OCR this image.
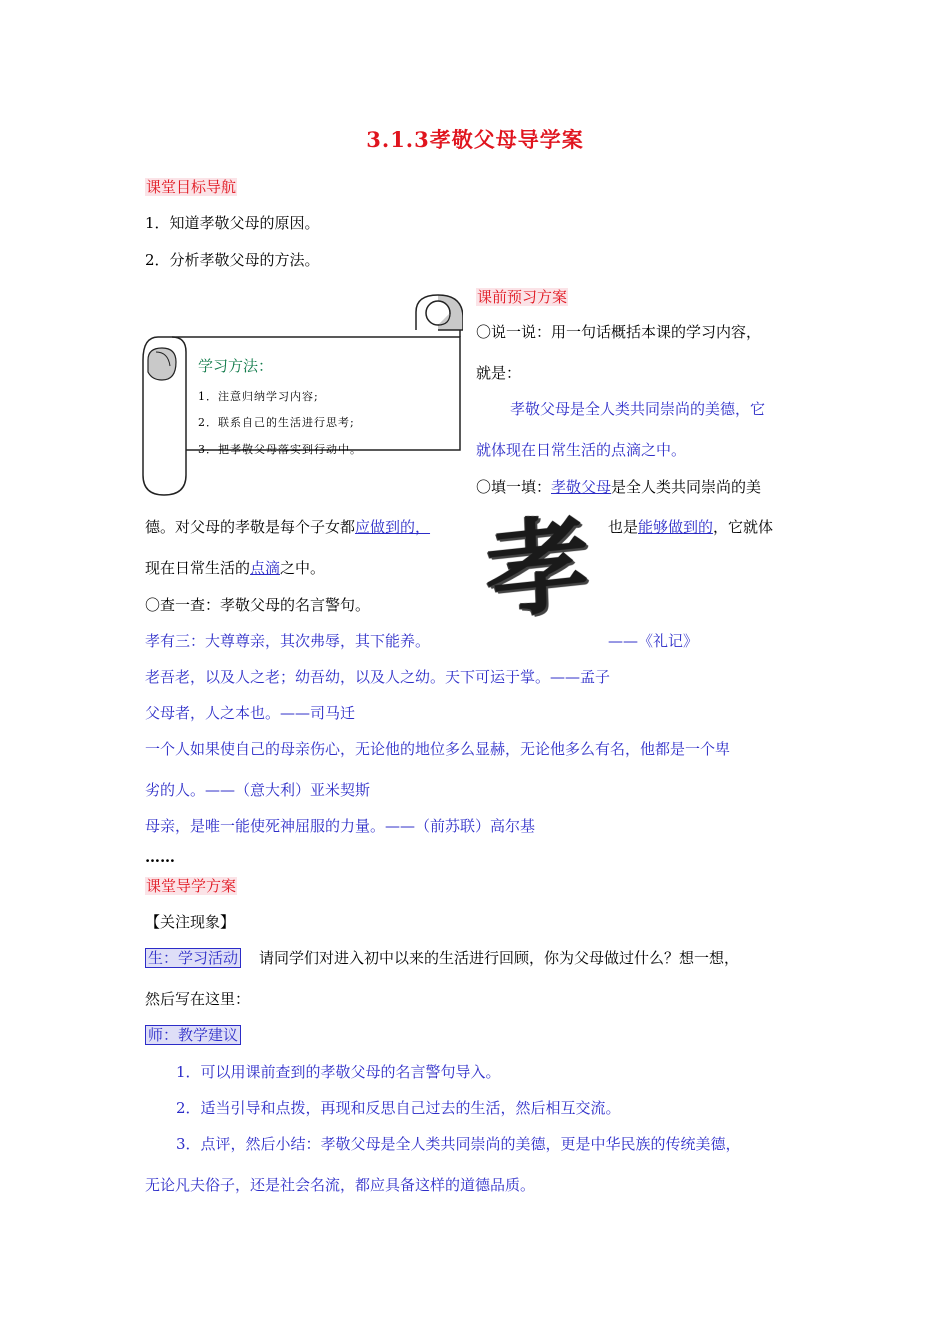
3.1.3孝敬父母导学案
课堂目标导航
1．知道孝敬父母的原因。
2．分析孝敬父母的方法。
学习方法：
1．注意归纳学习内容;
2．联系自己的生活进行思考;
3．把孝敬父母落实到行动中。
课前预习方案
〇说一说：用一句话概括本课的学习内容，
就是：
孝敬父母是全人类共同崇尚的美德，它
就体现在日常生活的点滴之中。
〇填一填：孝敬父母是全人类共同崇尚的美
德。对父母的孝敬是每个子女都应做到的，	也是能够做到的，它就体
现在日常生活的点滴之中。 孝
〇查一查：孝敬父母的名言警句。
孝有三：大尊尊亲，其次弗辱，其下能养。	——《礼记》
老吾老，以及人之老；幼吾幼，以及人之幼。天下可运于掌。——孟子
父母者，人之本也。——司马迁
一个人如果使自己的母亲伤心，无论他的地位多么显赫，无论他多么有名，他都是一个卑
劣的人。——（意大利）亚米契斯
母亲，是唯一能使死神屈服的力量。——（前苏联）高尔基
……
课堂导学方案
【关注现象】
生：学习活动 请同学们对进入初中以来的生活进行回顾，你为父母做过什么？想一想，
然后写在这里：
师：教学建议
1．可以用课前查到的孝敬父母的名言警句导入。
2．适当引导和点拨，再现和反思自己过去的生活，然后相互交流。
3．点评，然后小结：孝敬父母是全人类共同崇尚的美德，更是中华民族的传统美德，
无论凡夫俗子，还是社会名流，都应具备这样的道德品质。
